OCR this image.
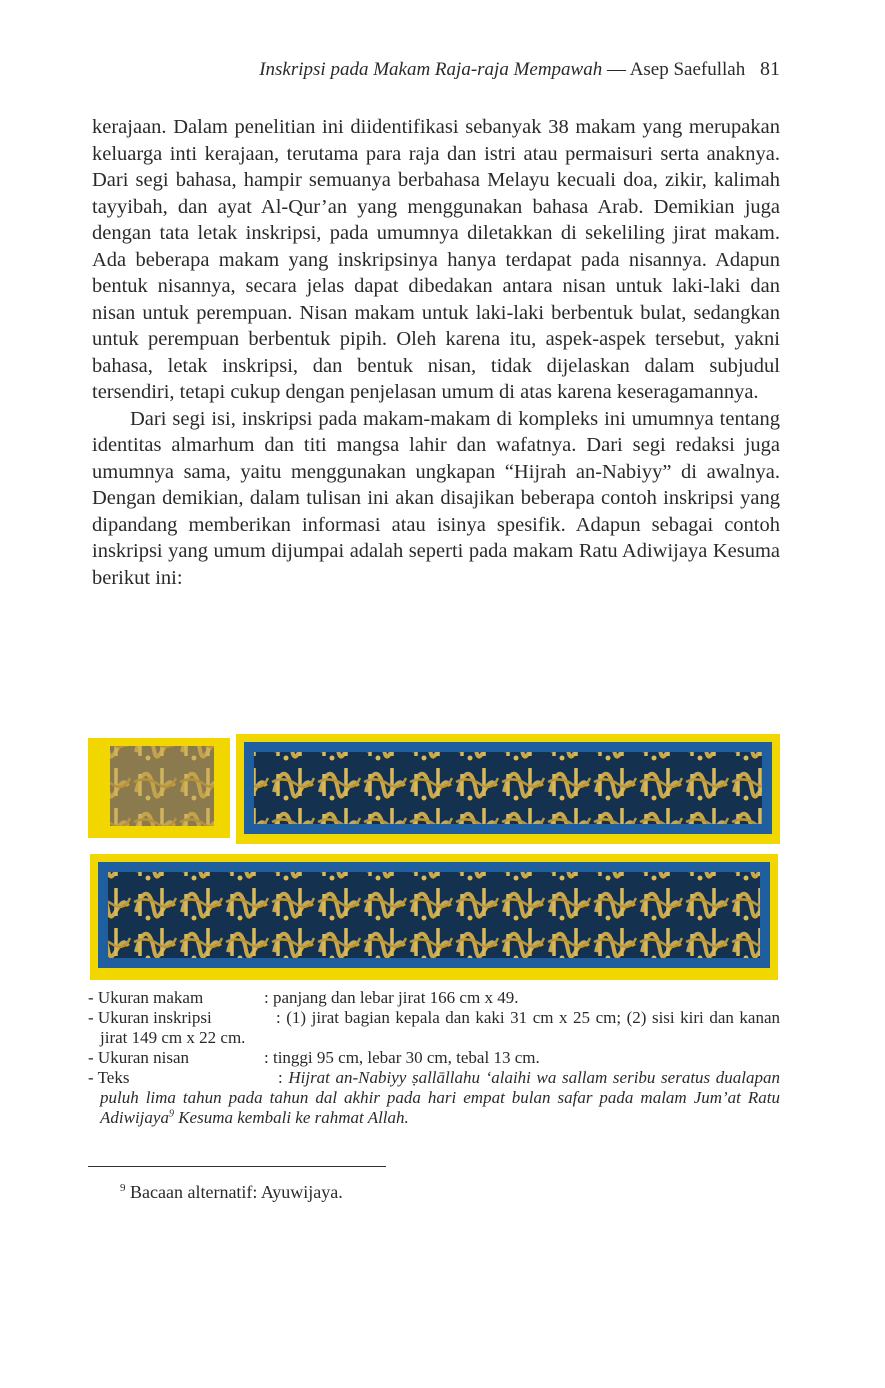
Inskripsi pada Makam Raja-raja Mempawah — Asep Saefullah 81

kerajaan. Dalam penelitian ini diidentifikasi sebanyak 38 makam yang merupakan keluarga inti kerajaan, terutama para raja dan istri atau permaisuri serta anaknya. Dari segi bahasa, hampir semuanya berbahasa Melayu kecuali doa, zikir, kalimah tayyibah, dan ayat Al-Qur’an yang menggunakan bahasa Arab. Demikian juga dengan tata letak inskripsi, pada umumnya diletakkan di sekeliling jirat makam. Ada beberapa makam yang inskripsinya hanya terdapat pada nisannya. Adapun bentuk nisannya, secara jelas dapat dibedakan antara nisan untuk laki-laki dan nisan untuk perempuan. Nisan makam untuk laki-laki berbentuk bulat, sedangkan untuk perempuan berbentuk pipih. Oleh karena itu, aspek-aspek tersebut, yakni bahasa, letak inskripsi, dan bentuk nisan, tidak dijelaskan dalam subjudul tersendiri, tetapi cukup dengan penjelasan umum di atas karena keseragamannya.

Dari segi isi, inskripsi pada makam-makam di kompleks ini umumnya tentang identitas almarhum dan titi mangsa lahir dan wafatnya. Dari segi redaksi juga umumnya sama, yaitu menggunakan ungkapan “Hijrah an-Nabiyy” di awalnya. Dengan demikian, dalam tulisan ini akan disajikan beberapa contoh inskripsi yang dipandang memberikan informasi atau isinya spesifik. Adapun sebagai contoh inskripsi yang umum dijumpai adalah seperti pada makam Ratu Adiwijaya Kesuma berikut ini:

- Ukuran makam	: panjang dan lebar jirat 166 cm x 49.
- Ukuran inskripsi	: (1) jirat bagian kepala dan kaki 31 cm x 25 cm; (2) sisi kiri dan kanan jirat 149 cm x 22 cm.
- Ukuran nisan	: tinggi 95 cm, lebar 30 cm, tebal 13 cm.
- Teks	: Hijrat an-Nabiyy ṣallāllahu ‘alaihi wa sallam seribu seratus dualapan puluh lima tahun pada tahun dal akhir pada hari empat bulan safar pada malam Jum’at Ratu Adiwijaya$^9$ Kesuma kembali ke rahmat Allah.
$^9$ Bacaan alternatif: Ayuwijaya.
